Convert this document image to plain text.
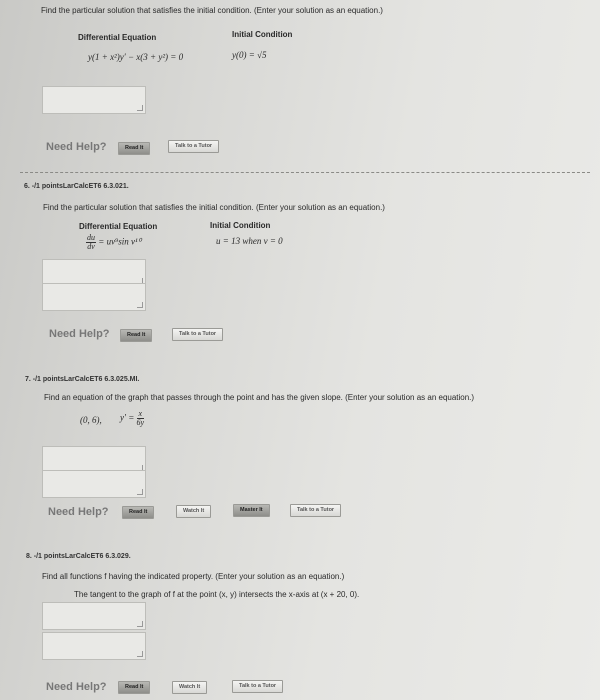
Find the particular solution that satisfies the initial condition. (Enter your solution as an equation.)
Differential Equation	Initial Condition
y(1 + x²)y′ − x(3 + y²) = 0	y(0) = √5
Need Help?	Read It	Talk to a Tutor
6. -/1 pointsLarCalcET6 6.3.021.
Find the particular solution that satisfies the initial condition. (Enter your solution as an equation.)
Differential Equation	Initial Condition
$\frac{du}{dv} = uv^9\sin$ v¹⁰	u = 13 when v = 0
Need Help?	Read It	Talk to a Tutor
7. -/1 pointsLarCalcET6 6.3.025.MI.
Find an equation of the graph that passes through the point and has the given slope. (Enter your solution as an equation.)
(0, 6), $y' = \frac{x}{6y}$
Need Help?	Read It	Watch It	Master It	Talk to a Tutor
8. -/1 pointsLarCalcET6 6.3.029.
Find all functions f having the indicated property. (Enter your solution as an equation.)
The tangent to the graph of f at the point (x, y) intersects the x-axis at (x + 20, 0).
Need Help?	Read It	Watch It	Talk to a Tutor
